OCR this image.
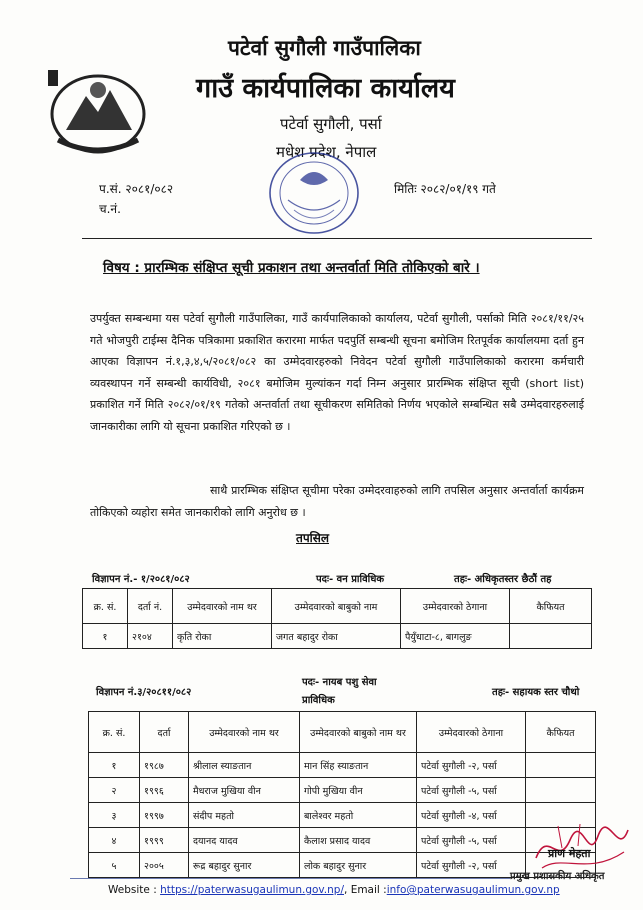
पटेर्वा सुगौली गाउँपालिका
गाउँ कार्यपालिका कार्यालय
पटेर्वा सुगौली, पर्सा
मधेश प्रदेश, नेपाल
प.सं. २०८१/०८२
च.नं.
मितिः २०८२/०१/१९ गते
विषय : प्रारम्भिक संक्षिप्त सूची प्रकाशन तथा अन्तर्वार्ता मिति तोकिएको बारे ।
उपर्युक्त सम्बन्धमा यस पटेर्वा सुगौली गाउँपालिका, गाउँ कार्यपालिकाको कार्यालय, पटेर्वा सुगौली, पर्साको मिति २०८१/११/२५ गते भोजपुरी टाईम्स दैनिक पत्रिकामा प्रकाशित करारमा मार्फत पदपुर्ति सम्बन्धी सूचना बमोजिम रितपूर्वक कार्यालयमा दर्ता हुन आएका विज्ञापन नं.१,३,४,५/२०८१/०८२ का उम्मेदवारहरुको निवेदन पटेर्वा सुगौली गाउँपालिकाको करारमा कर्मचारी व्यवस्थापन गर्ने सम्बन्धी कार्यविधी, २०८१ बमोजिम मुल्यांकन गर्दा निम्न अनुसार प्रारम्भिक संक्षिप्त सूची (short list) प्रकाशित गर्ने मिति २०८२/०१/१९ गतेको अन्तर्वार्ता तथा सूचीकरण समितिको निर्णय भएकोले सम्बन्धित सबै उम्मेदवारहरुलाई जानकारीका लागि यो सूचना प्रकाशित गरिएको छ ।
साथै प्रारम्भिक संक्षिप्त सूचीमा परेका उम्मेदरवाहरुको लागि तपसिल अनुसार अन्तर्वार्ता कार्यक्रम तोकिएको व्यहोरा समेत जानकारीको लागि अनुरोध छ ।
तपसिल
विज्ञापन नं.- १/२०८१/०८२	पदः- वन प्राविधिक	तहः- अधिकृतस्तर छैठौं तह
क्र. सं.	दर्ता नं.	उम्मेदवारको नाम थर	उम्मेदवारको बाबुको नाम	उम्मेदवारको ठेगाना	कैफियत
१	२१०४	कृति रोका	जगत बहादुर रोका	पैयुँधाटा-८, बागलुङ	
विज्ञापन नं.३/२०८११/०८२
पदः- नायब पशु सेवा
प्राविधिक
तहः- सहायक स्तर चौथो
क्र. सं.	दर्ता	उम्मेदवारको नाम थर	उम्मेदवारको बाबुको नाम थर	उम्मेदवारको ठेगाना	कैफियत
१	१९८७	श्रीलाल स्याङतान	मान सिंह स्याङतान	पटेर्वा सुगौली -२, पर्सा	
२	१९९६	मैधराज मुखिया वीन	गोपी मुखिया वीन	पटेर्वा सुगौली -५, पर्सा	
३	१९९७	संदीप महतो	बालेश्वर महतो	पटेर्वा सुगौली -४, पर्सा	
४	१९९९	दयानद यादव	कैलाश प्रसाद यादव	पटेर्वा सुगौली -५, पर्सा	
५	२००५	रूद्र बहादुर सुनार	लोक बहादुर सुनार	पटेर्वा सुगौली -२, पर्सा	
प्राण मेहता
प्रमुख प्रशासकीय अधिकृत
Website : https://paterwasugaulimun.gov.np/, Email :info@paterwasugaulimun.gov.np
